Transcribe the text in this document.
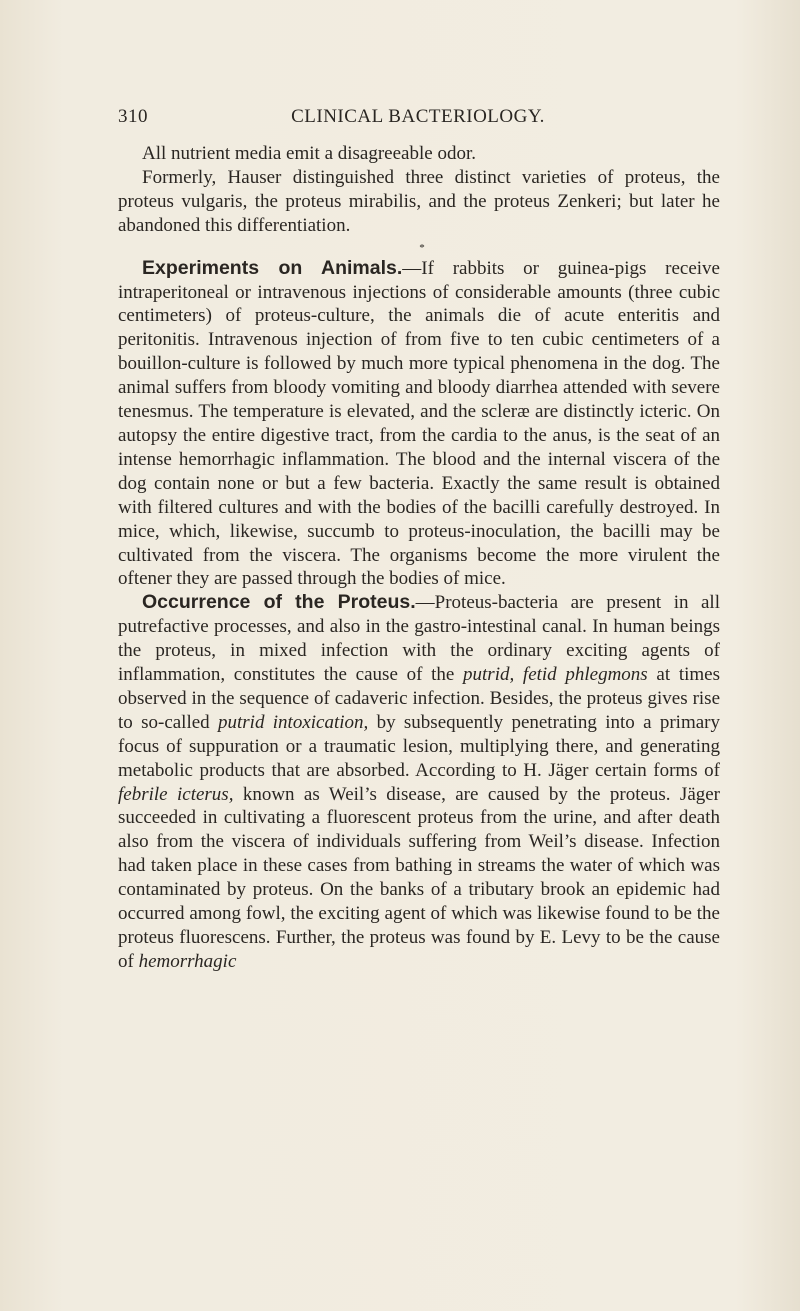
310	CLINICAL BACTERIOLOGY.

All nutrient media emit a disagreeable odor.

Formerly, Hauser distinguished three distinct varieties of proteus, the proteus vulgaris, the proteus mirabilis, and the proteus Zenkeri; but later he abandoned this differentiation.

*

Experiments on Animals.—If rabbits or guinea-pigs receive intraperitoneal or intravenous injections of considerable amounts (three cubic centimeters) of proteus-culture, the animals die of acute enteritis and peritonitis. Intravenous injection of from five to ten cubic centimeters of a bouillon-culture is followed by much more typical phenomena in the dog. The animal suffers from bloody vomiting and bloody diarrhea attended with severe tenesmus. The temperature is elevated, and the scleræ are distinctly icteric. On autopsy the entire digestive tract, from the cardia to the anus, is the seat of an intense hemorrhagic inflammation. The blood and the internal viscera of the dog contain none or but a few bacteria. Exactly the same result is obtained with filtered cultures and with the bodies of the bacilli carefully destroyed. In mice, which, likewise, succumb to proteus-inoculation, the bacilli may be cultivated from the viscera. The organisms become the more virulent the oftener they are passed through the bodies of mice.

Occurrence of the Proteus.—Proteus-bacteria are present in all putrefactive processes, and also in the gastro-intestinal canal. In human beings the proteus, in mixed infection with the ordinary exciting agents of inflammation, constitutes the cause of the putrid, fetid phlegmons at times observed in the sequence of cadaveric infection. Besides, the proteus gives rise to so-called putrid intoxication, by subsequently penetrating into a primary focus of suppuration or a traumatic lesion, multiplying there, and generating metabolic products that are absorbed. According to H. Jäger certain forms of febrile icterus, known as Weil’s disease, are caused by the proteus. Jäger succeeded in cultivating a fluorescent proteus from the urine, and after death also from the viscera of individuals suffering from Weil’s disease. Infection had taken place in these cases from bathing in streams the water of which was contaminated by proteus. On the banks of a tributary brook an epidemic had occurred among fowl, the exciting agent of which was likewise found to be the proteus fluorescens. Further, the proteus was found by E. Levy to be the cause of hemorrhagic
